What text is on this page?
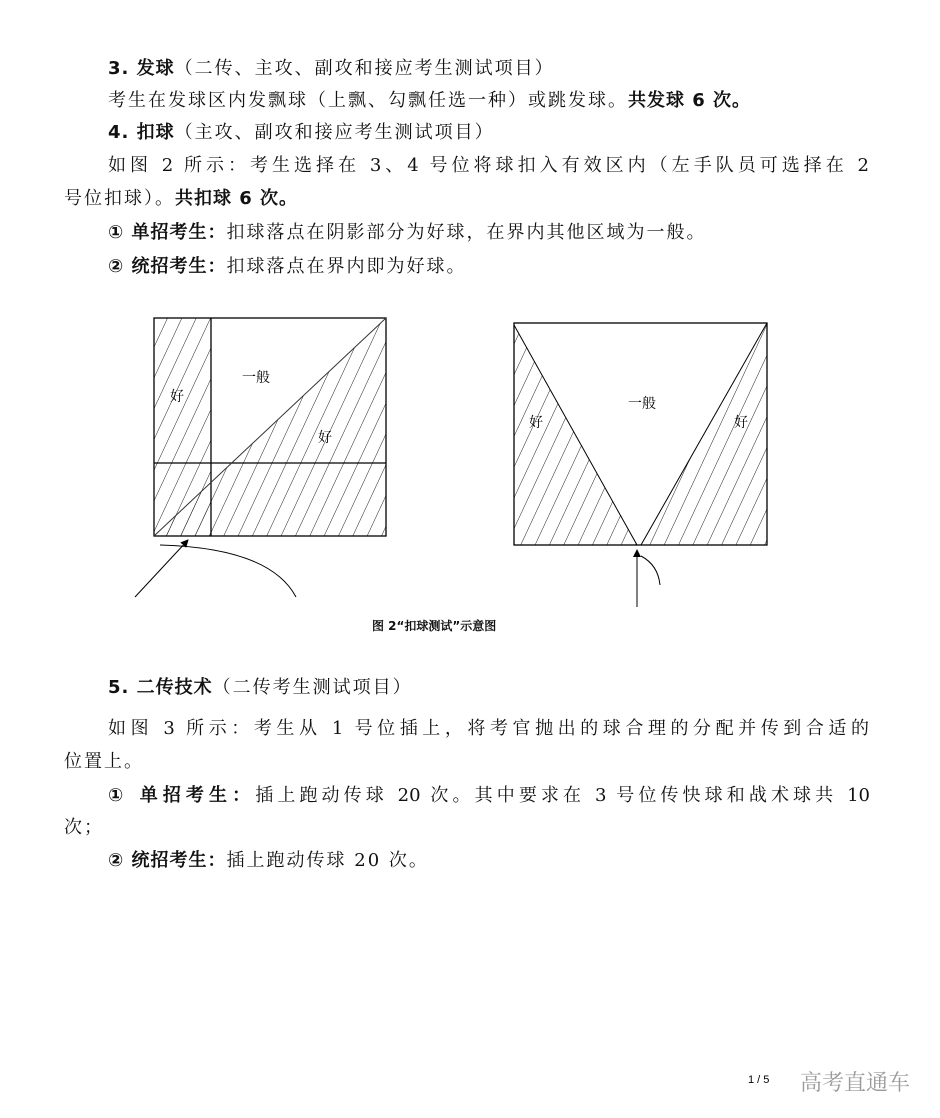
3. 发球（二传、主攻、副攻和接应考生测试项目）
考生在发球区内发飘球（上飘、勾飘任选一种）或跳发球。共发球 6 次。
4. 扣球（主攻、副攻和接应考生测试项目）
如图 2 所示：考生选择在 3、4 号位将球扣入有效区内（左手队员可选择在 2
号位扣球）。共扣球 6 次。
① 单招考生：扣球落点在阴影部分为好球，在界内其他区域为一般。
② 统招考生：扣球落点在界内即为好球。
好
一般
好
好
一般
好
图 2“扣球测试”示意图
5. 二传技术（二传考生测试项目）
如图 3 所示：考生从 1 号位插上，将考官抛出的球合理的分配并传到合适的
位置上。
① 单招考生：插上跑动传球 20 次。其中要求在 3 号位传快球和战术球共 10
次；
② 统招考生：插上跑动传球 20 次。
高考直通车
1 / 5
